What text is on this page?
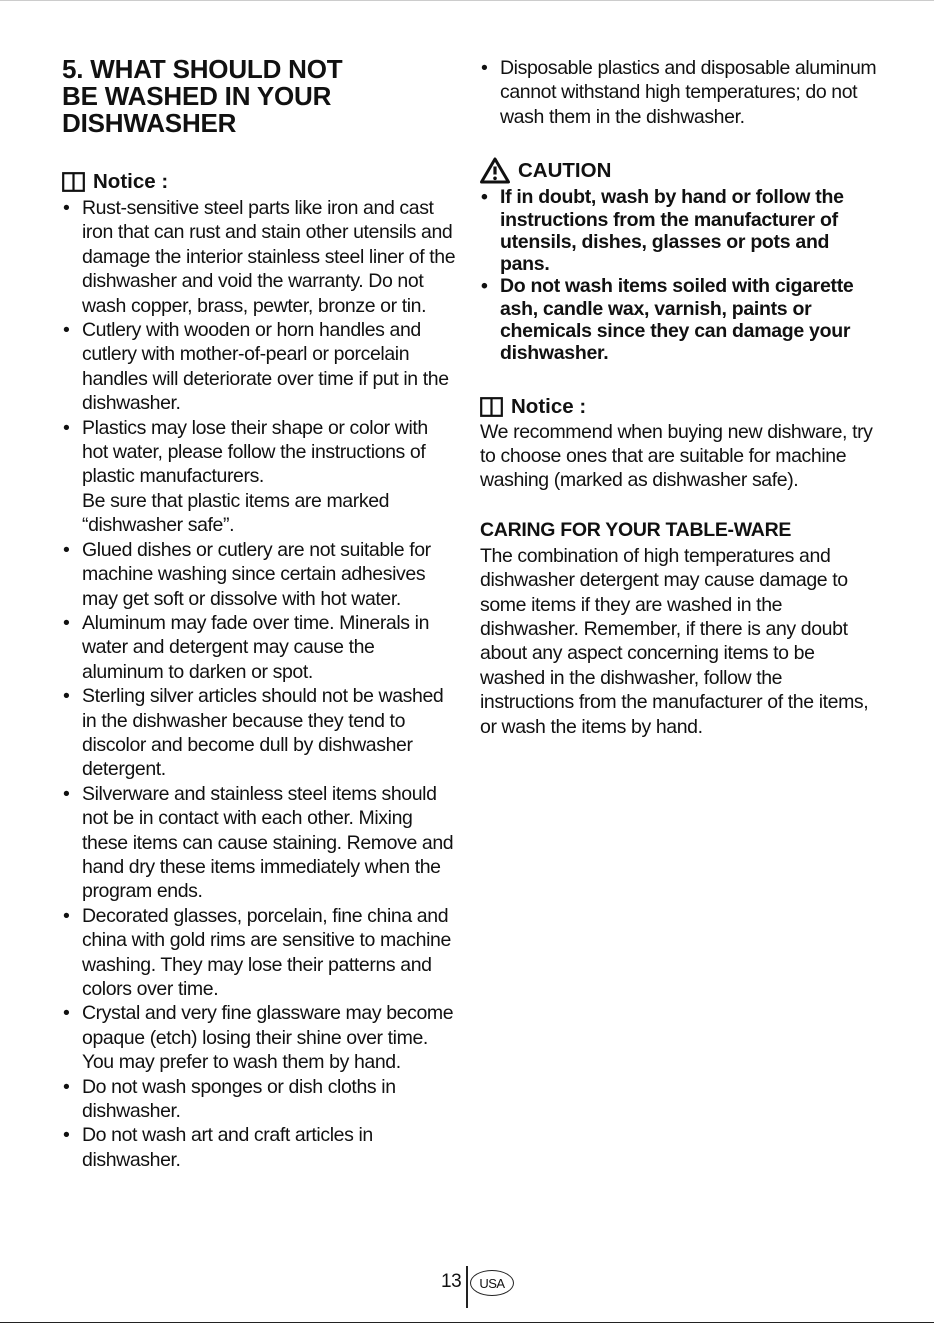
5. WHAT SHOULD NOT
BE WASHED IN YOUR
DISHWASHER
Notice :
• Rust-sensitive steel parts like iron and cast iron that can rust and stain other utensils and damage the interior stainless steel liner of the dishwasher and void the warranty. Do not wash copper, brass, pewter, bronze or tin.
• Cutlery with wooden or horn handles and cutlery with mother-of-pearl or porcelain handles will deteriorate over time if put in the dishwasher.
• Plastics may lose their shape or color with hot water, please follow the instructions of plastic manufacturers.
Be sure that plastic items are marked “dishwasher safe”.
• Glued dishes or cutlery are not suitable for machine washing since certain adhesives may get soft or dissolve with hot water.
• Aluminum may fade over time. Minerals in water and detergent may cause the aluminum to darken or spot.
• Sterling silver articles should not be washed in the dishwasher because they tend to discolor and become dull by dishwasher detergent.
• Silverware and stainless steel items should not be in contact with each other. Mixing these items can cause staining. Remove and hand dry these items immediately when the program ends.
• Decorated glasses, porcelain, fine china and china with gold rims are sensitive to machine washing. They may lose their patterns and colors over time.
• Crystal and very fine glassware may become opaque (etch) losing their shine over time. You may prefer to wash them by hand.
• Do not wash sponges or dish cloths in dishwasher.
• Do not wash art and craft articles in dishwasher.
• Disposable plastics and disposable aluminum cannot withstand high temperatures; do not wash them in the dishwasher.
CAUTION
• If in doubt, wash by hand or follow the instructions from the manufacturer of utensils, dishes, glasses or pots and pans.
• Do not wash items soiled with cigarette ash, candle wax, varnish, paints or chemicals since they can damage your dishwasher.
Notice :

We recommend when buying new dishware, try to choose ones that are suitable for machine washing (marked as dishwasher safe).

CARING FOR YOUR TABLE-WARE

The combination of high temperatures and dishwasher detergent may cause damage to some items if they are washed in the dishwasher. Remember, if there is any doubt about any aspect concerning items to be washed in the dishwasher, follow the instructions from the manufacturer of the items, or wash the items by hand.

13	USA
